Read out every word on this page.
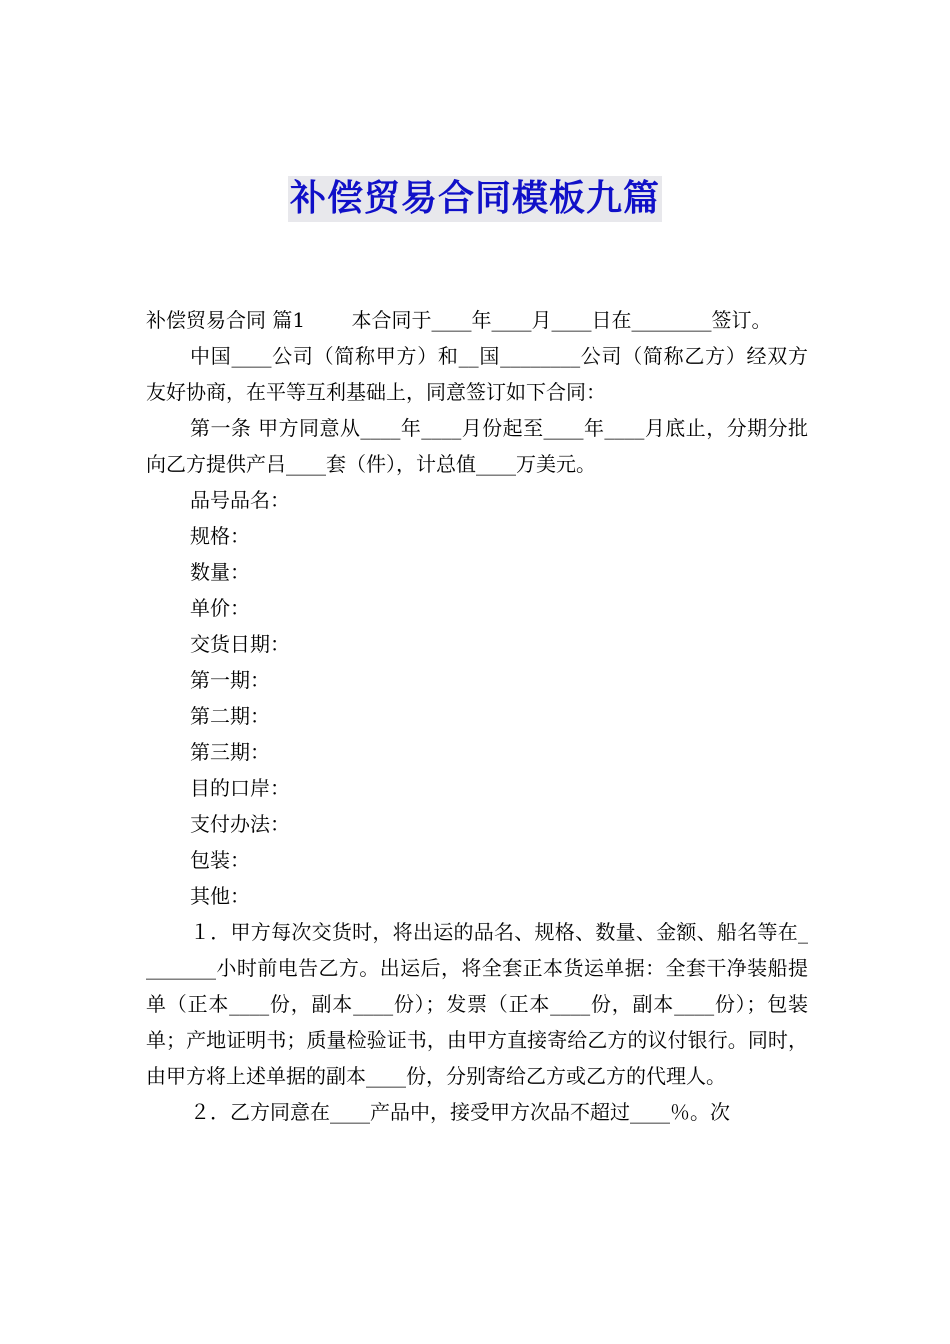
补偿贸易合同模板九篇

补偿贸易合同 篇1 　　本合同于____年____月____日在________签订。

中国____公司（简称甲方）和__国________公司（简称乙方）经双方友好协商，在平等互利基础上，同意签订如下合同：

第一条 甲方同意从____年____月份起至____年____月底止，分期分批向乙方提供产吕____套（件），计总值____万美元。

品号品名：

规格：

数量：

单价：

交货日期：

第一期：

第二期：

第三期：

目的口岸：

支付办法：

包装：

其他：

１．甲方每次交货时，将出运的品名、规格、数量、金额、船名等在________小时前电告乙方。出运后，将全套正本货运单据：全套干净装船提单（正本____份，副本____份）；发票（正本____份，副本____份）；包装单；产地证明书；质量检验证书，由甲方直接寄给乙方的议付银行。同时，由甲方将上述单据的副本____份，分别寄给乙方或乙方的代理人。

２．乙方同意在____产品中，接受甲方次品不超过____％。次
